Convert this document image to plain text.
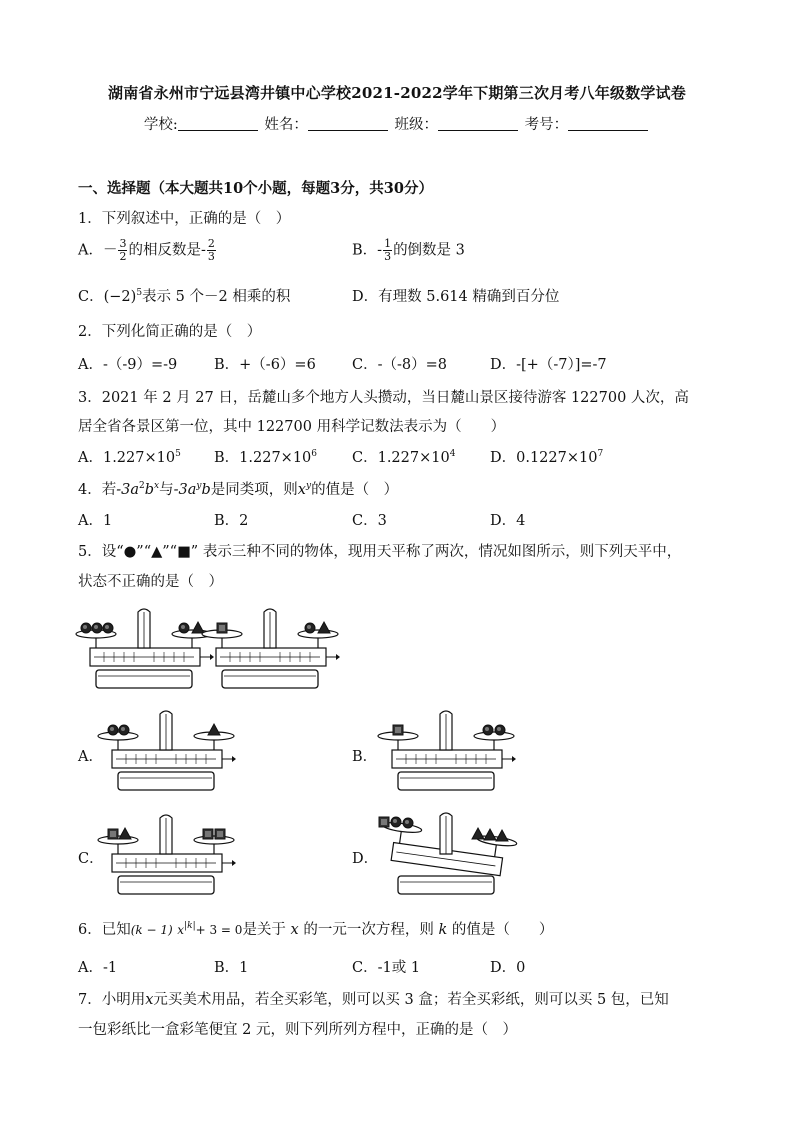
湖南省永州市宁远县湾井镇中心学校2021-2022学年下期第三次月考八年级数学试卷
学校:	姓名：	班级：	考号：
一、选择题（本大题共10个小题，每题3分，共30分）
1．下列叙述中，正确的是（　）
A．－ $\frac{3}{2}$ 的相反数是- $\frac{2}{3}$	B．- $\frac{1}{3}$ 的倒数是 3
C．$(-2)^5$表示 5 个－2 相乘的积	D．有理数 5.614 精确到百分位
2．下列化简正确的是（　）
A．-（-9）=-9	B．+（-6）=6 C．-（-8）=8	D．-[+（-7）]=-7
3．2021 年 2 月 27 日，岳麓山多个地方人头攒动，当日麓山景区接待游客 122700 人次，高
居全省各景区第一位，其中 122700 用科学记数法表示为（　　）
A．$1.227\times 10^5$ B．$1.227\times 10^6$ C．$1.227\times 10^4$ D．$0.1227\times 10^7$
4．若$-3a^2b^x$与$-3a^yb$是同类项，则$x^y$的值是（　）
A．1	B．2	C．3	D．4
5．设“●”“▲”“■” 表示三种不同的物体，现用天平称了两次，情况如图所示，则下列天平中，
状态不正确的是（　）
A．	B．
C．	D．
6．已知(k − 1) $x^{|k|}+ 3 = 0$是关于 x 的一元一次方程，则 k 的值是（　　）
A．-1	B．1	C．-1或 1	D．0
7．小明用x元买美术用品，若全买彩笔，则可以买 3 盒；若全买彩纸，则可以买 5 包，已知
一包彩纸比一盒彩笔便宜 2 元，则下列所列方程中，正确的是（　）
